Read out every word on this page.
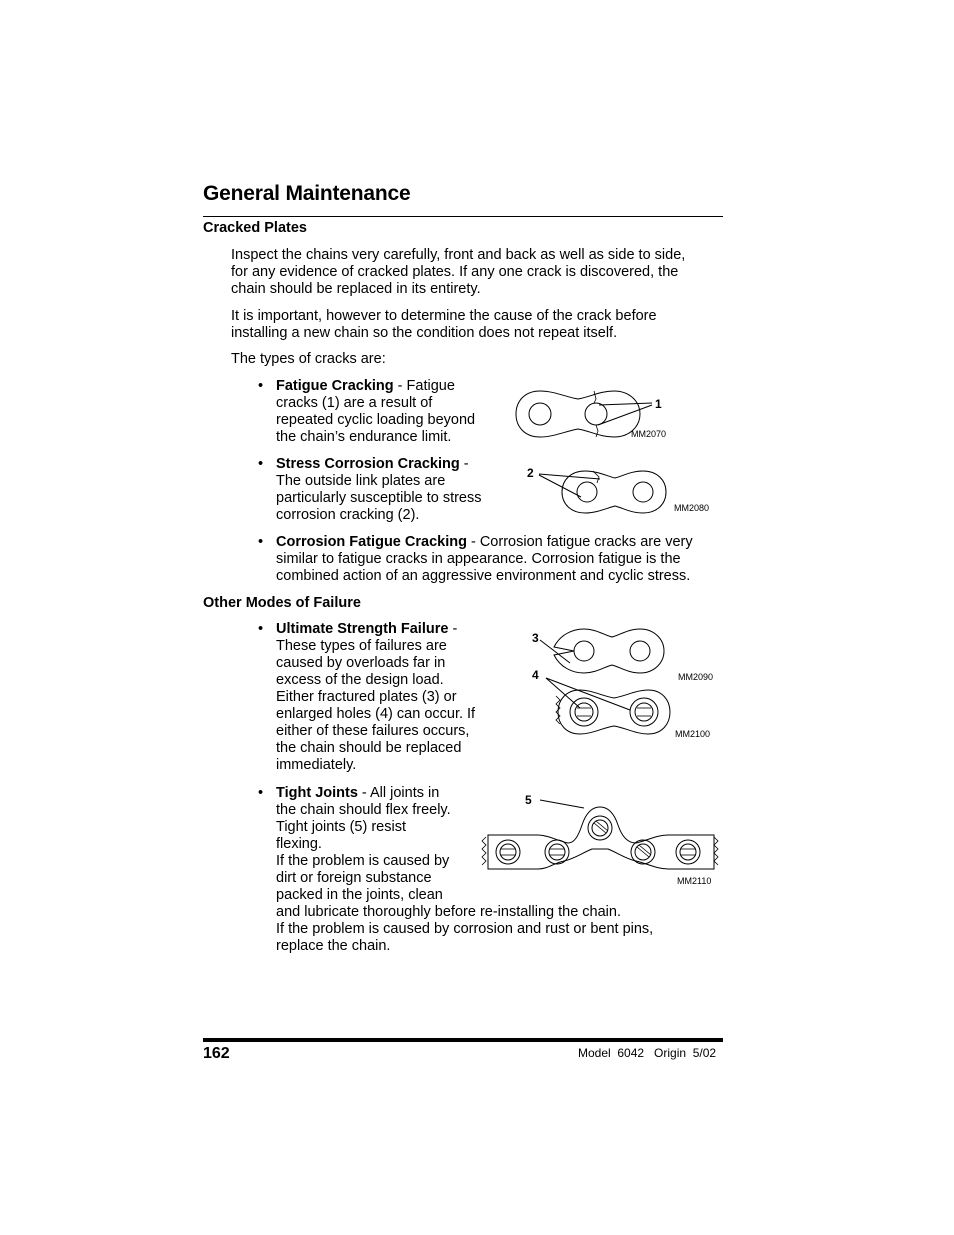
General Maintenance
Cracked Plates
Inspect the chains very carefully, front and back as well as side to side,
for any evidence of cracked plates. If any one crack is discovered, the
chain should be replaced in its entirety.
It is important, however to determine the cause of the crack before
installing a new chain so the condition does not repeat itself.
The types of cracks are:
• Fatigue Cracking - Fatigue
cracks (1) are a result of
repeated cyclic loading beyond
the chain’s endurance limit.
• Stress Corrosion Cracking -
The outside link plates are
particularly susceptible to stress
corrosion cracking (2).
• Corrosion Fatigue Cracking - Corrosion fatigue cracks are very
similar to fatigue cracks in appearance. Corrosion fatigue is the
combined action of an aggressive environment and cyclic stress.
Other Modes of Failure
• Ultimate Strength Failure -
These types of failures are
caused by overloads far in
excess of the design load.
Either fractured plates (3) or
enlarged holes (4) can occur. If
either of these failures occurs,
the chain should be replaced
immediately.
• Tight Joints - All joints in
the chain should flex freely.
Tight joints (5) resist
flexing.
If the problem is caused by
dirt or foreign substance
packed in the joints, clean
and lubricate thoroughly before re-installing the chain.
If the problem is caused by corrosion and rust or bent pins,
replace the chain.
1
MM2070
2
MM2080
3
MM2090
4
MM2100
5
MM2110
162	Model  6042   Origin  5/02
